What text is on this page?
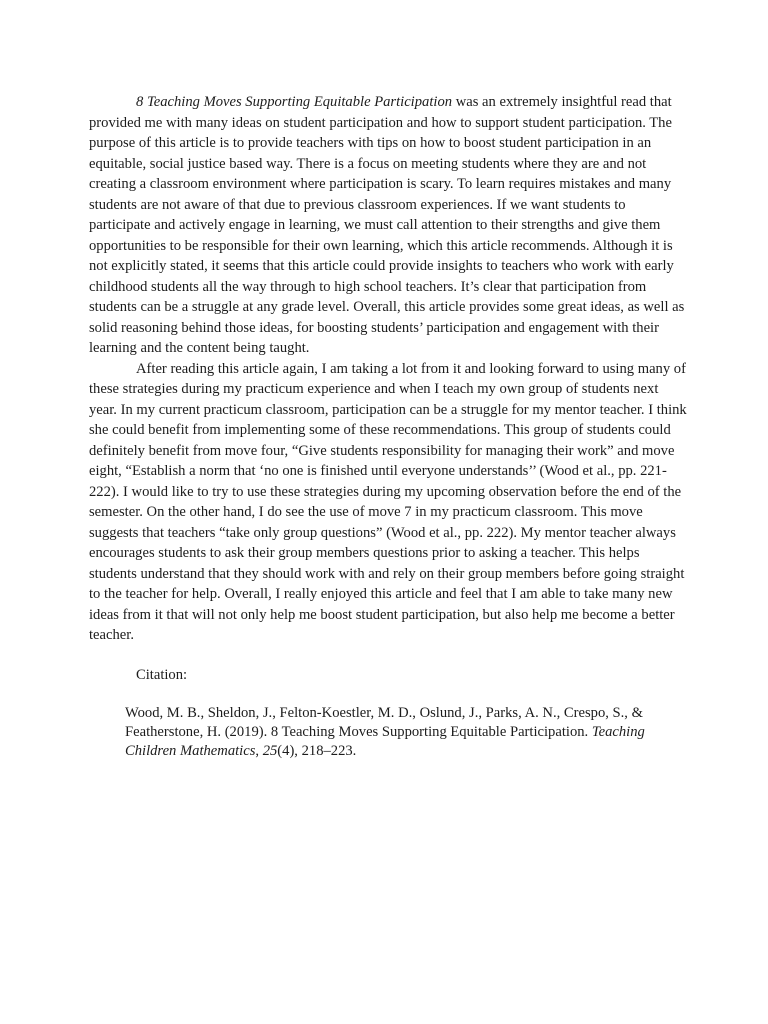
8 Teaching Moves Supporting Equitable Participation was an extremely insightful read that provided me with many ideas on student participation and how to support student participation. The purpose of this article is to provide teachers with tips on how to boost student participation in an equitable, social justice based way. There is a focus on meeting students where they are and not creating a classroom environment where participation is scary. To learn requires mistakes and many students are not aware of that due to previous classroom experiences. If we want students to participate and actively engage in learning, we must call attention to their strengths and give them opportunities to be responsible for their own learning, which this article recommends. Although it is not explicitly stated, it seems that this article could provide insights to teachers who work with early childhood students all the way through to high school teachers. It’s clear that participation from students can be a struggle at any grade level. Overall, this article provides some great ideas, as well as solid reasoning behind those ideas, for boosting students’ participation and engagement with their learning and the content being taught.

After reading this article again, I am taking a lot from it and looking forward to using many of these strategies during my practicum experience and when I teach my own group of students next year. In my current practicum classroom, participation can be a struggle for my mentor teacher. I think she could benefit from implementing some of these recommendations. This group of students could definitely benefit from move four, “Give students responsibility for managing their work” and move eight, “Establish a norm that ‘no one is finished until everyone understands’’ (Wood et al., pp. 221-222). I would like to try to use these strategies during my upcoming observation before the end of the semester. On the other hand, I do see the use of move 7 in my practicum classroom. This move suggests that teachers “take only group questions” (Wood et al., pp. 222). My mentor teacher always encourages students to ask their group members questions prior to asking a teacher. This helps students understand that they should work with and rely on their group members before going straight to the teacher for help. Overall, I really enjoyed this article and feel that I am able to take many new ideas from it that will not only help me boost student participation, but also help me become a better teacher.

Citation:

Wood, M. B., Sheldon, J., Felton-Koestler, M. D., Oslund, J., Parks, A. N., Crespo, S., & Featherstone, H. (2019). 8 Teaching Moves Supporting Equitable Participation. Teaching Children Mathematics, 25(4), 218–223.
